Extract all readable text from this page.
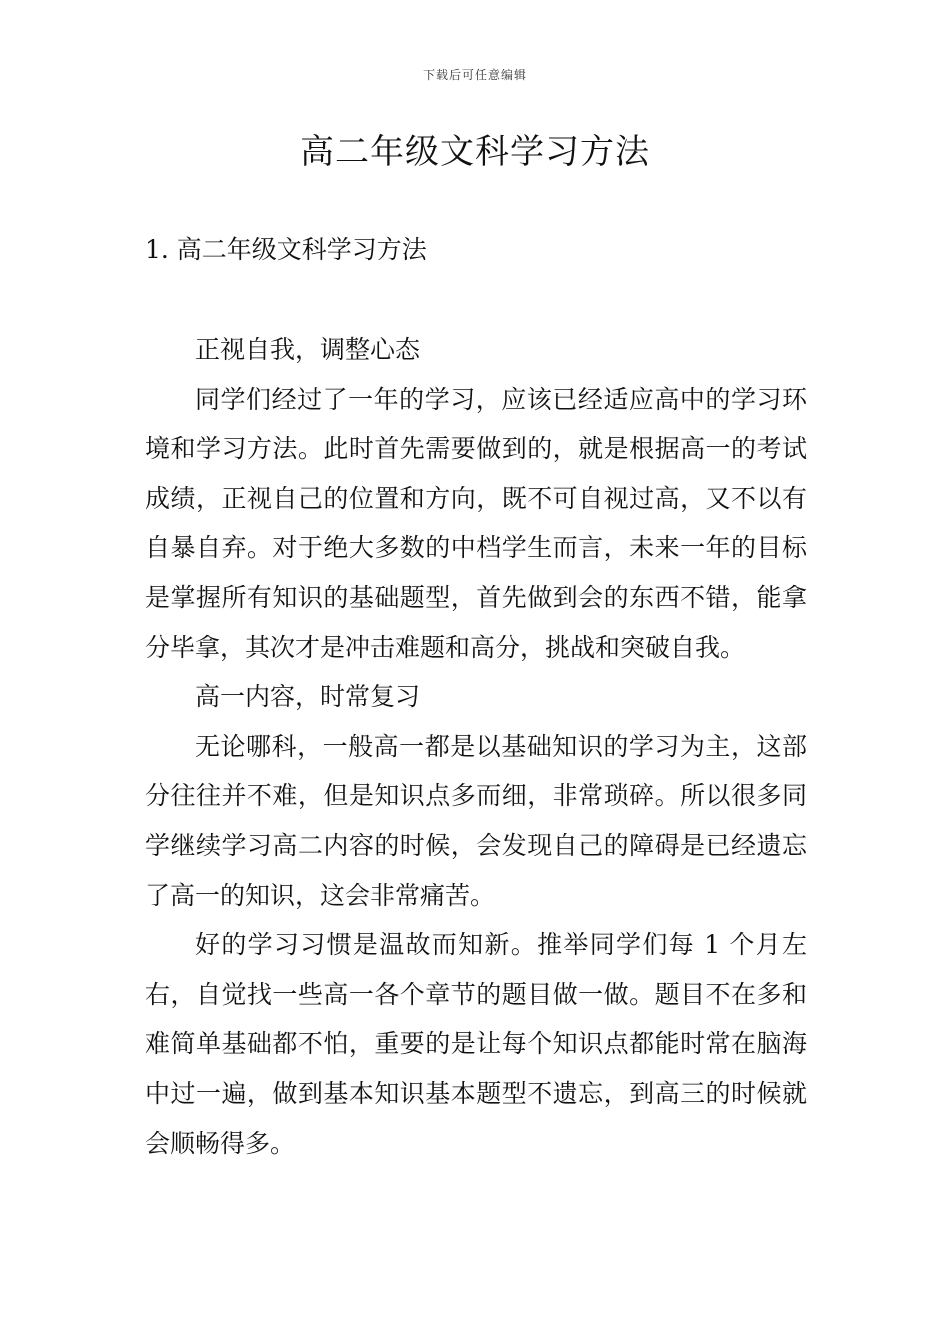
下载后可任意编辑
高二年级文科学习方法
1. 高二年级文科学习方法

正视自我，调整心态

同学们经过了一年的学习，应该已经适应高中的学习环境和学习方法。此时首先需要做到的，就是根据高一的考试成绩，正视自己的位置和方向，既不可自视过高，又不以有自暴自弃。对于绝大多数的中档学生而言，未来一年的目标是掌握所有知识的基础题型，首先做到会的东西不错，能拿分毕拿，其次才是冲击难题和高分，挑战和突破自我。

高一内容，时常复习

无论哪科，一般高一都是以基础知识的学习为主，这部分往往并不难，但是知识点多而细，非常琐碎。所以很多同学继续学习高二内容的时候，会发现自己的障碍是已经遗忘了高一的知识，这会非常痛苦。

好的学习习惯是温故而知新。推举同学们每 1 个月左右，自觉找一些高一各个章节的题目做一做。题目不在多和难简单基础都不怕，重要的是让每个知识点都能时常在脑海中过一遍，做到基本知识基本题型不遗忘，到高三的时候就会顺畅得多。
